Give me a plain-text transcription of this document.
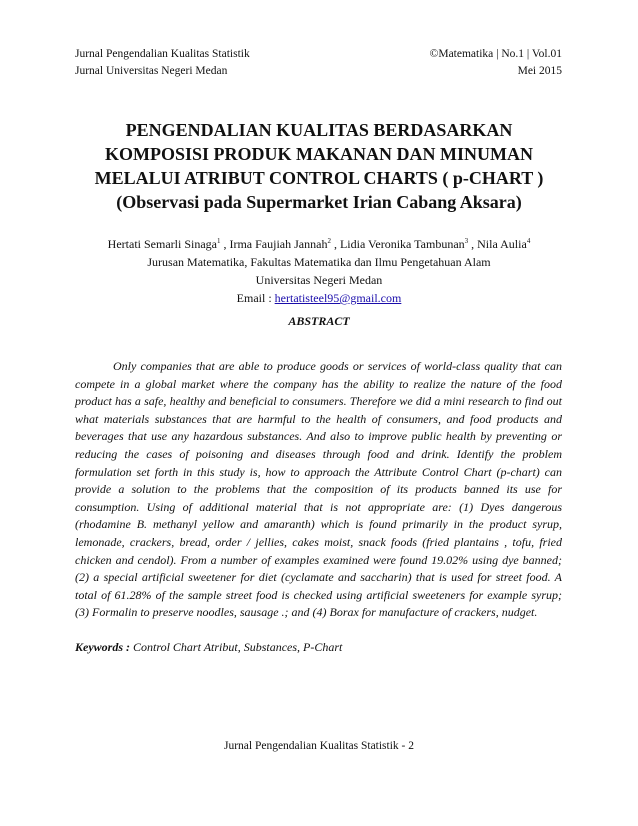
Jurnal Pengendalian Kualitas Statistik	©Matematika | No.1 | Vol.01
Jurnal Universitas Negeri Medan	Mei 2015
PENGENDALIAN KUALITAS BERDASARKAN
KOMPOSISI PRODUK MAKANAN DAN MINUMAN
MELALUI ATRIBUT CONTROL CHARTS ( p-CHART )
(Observasi pada Supermarket Irian Cabang Aksara)
Hertati Semarli Sinaga$^1$ , Irma Faujiah Jannah$^2$ , Lidia Veronika Tambunan$^3$ , Nila Aulia$^4$
Jurusan Matematika, Fakultas Matematika dan Ilmu Pengetahuan Alam
Universitas Negeri Medan
Email : hertatisteel95@gmail.com
ABSTRACT

Only companies that are able to produce goods or services of world-class quality that can compete in a global market where the company has the ability to realize the nature of the food product has a safe, healthy and beneficial to consumers. Therefore we did a mini research to find out what materials substances that are harmful to the health of consumers, and food products and beverages that use any hazardous substances. And also to improve public health by preventing or reducing the cases of poisoning and diseases through food and drink. Identify the problem formulation set forth in this study is, how to approach the Attribute Control Chart (p-chart) can provide a solution to the problems that the composition of its products banned its use for consumption. Using of additional material that is not appropriate are: (1) Dyes dangerous (rhodamine B. methanyl yellow and amaranth) which is found primarily in the product syrup, lemonade, crackers, bread, order / jellies, cakes moist, snack foods (fried plantains , tofu, fried chicken and cendol). From a number of examples examined were found 19.02% using dye banned; (2) a special artificial sweetener for diet (cyclamate and saccharin) that is used for street food. A total of 61.28% of the sample street food is checked using artificial sweeteners for example syrup; (3) Formalin to preserve noodles, sausage .; and (4) Borax for manufacture of crackers, nudget.

Keywords : Control Chart Atribut, Substances, P-Chart
Jurnal Pengendalian Kualitas Statistik - 2
